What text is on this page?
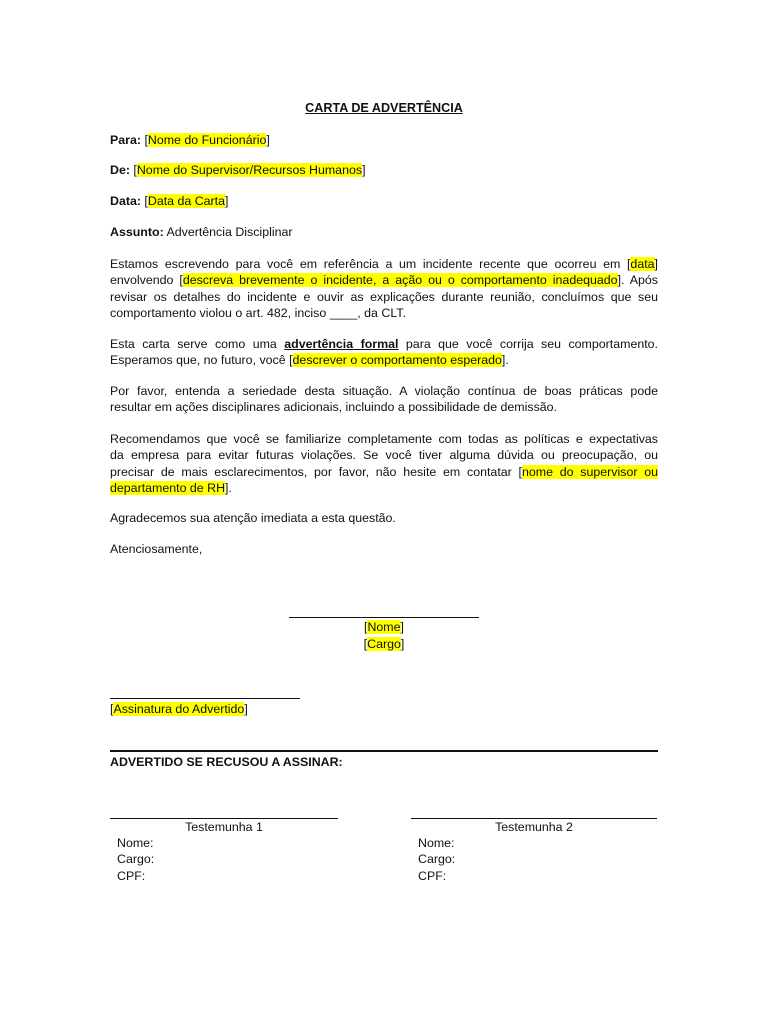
CARTA DE ADVERTÊNCIA
Para: [Nome do Funcionário]
De: [Nome do Supervisor/Recursos Humanos]
Data: [Data da Carta]
Assunto: Advertência Disciplinar
Estamos escrevendo para você em referência a um incidente recente que ocorreu em [data]
envolvendo [descreva brevemente o incidente, a ação ou o comportamento inadequado]. Após
revisar os detalhes do incidente e ouvir as explicações durante reunião, concluímos que seu
comportamento violou o art. 482, inciso ____, da CLT.
Esta carta serve como uma advertência formal para que você corrija seu comportamento.
Esperamos que, no futuro, você [descrever o comportamento esperado].
Por favor, entenda a seriedade desta situação. A violação contínua de boas práticas pode
resultar em ações disciplinares adicionais, incluindo a possibilidade de demissão.
Recomendamos que você se familiarize completamente com todas as políticas e expectativas
da empresa para evitar futuras violações. Se você tiver alguma dúvida ou preocupação, ou
precisar de mais esclarecimentos, por favor, não hesite em contatar [nome do supervisor ou
departamento de RH].
Agradecemos sua atenção imediata a esta questão.
Atenciosamente,
[Nome]
[Cargo]
[Assinatura do Advertido]
ADVERTIDO SE RECUSOU A ASSINAR:
Testemunha 1
Nome:
Cargo:
CPF:
Testemunha 2
Nome:
Cargo:
CPF:
